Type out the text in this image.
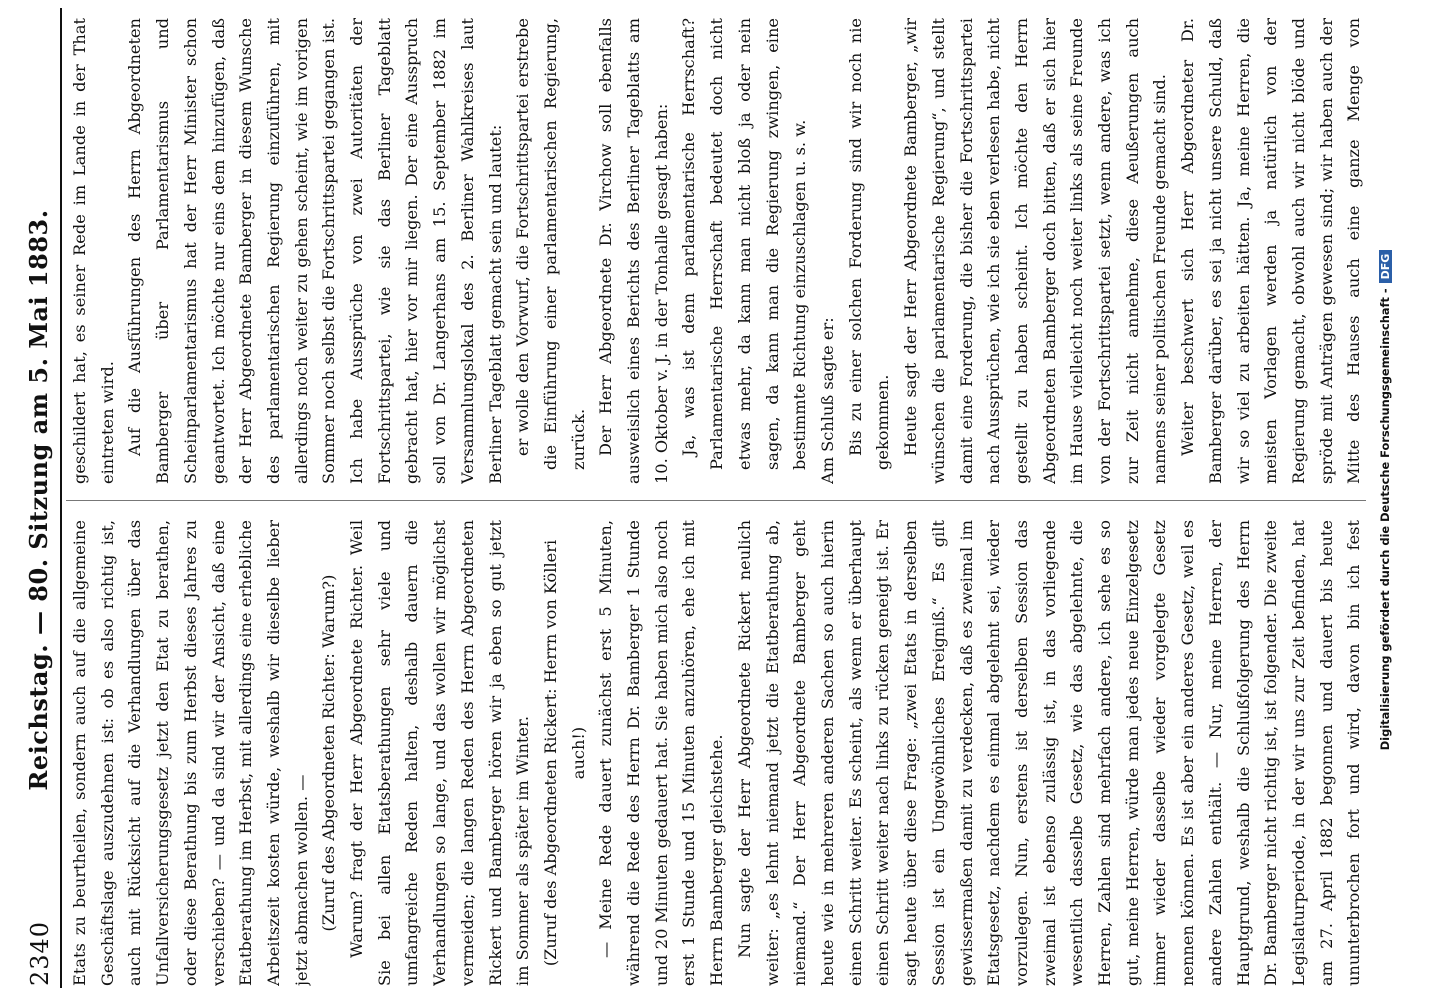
2340
Reichstag. — 80. Sitzung am 5. Mai 1883. Etats zu beurtheilen, sondern auch auf die allgemeine Geschäftslage auszudehnen ist: ob es also richtig ist, auch mit Rücksicht auf die Verhandlungen über das Unfallversicherungsgesetz jetzt den Etat zu berathen, oder diese Berathung bis zum Herbst dieses Jahres zu verschieben? — und da sind wir der Ansicht, daß eine Etatberathung im Herbst, mit allerdings eine erhebliche Arbeitszeit kosten würde, weshalb wir dieselbe lieber jetzt abmachen wollen. — (Zuruf des Abgeordneten Richter: Warum?) Warum? fragt der Herr Abgeordnete Richter. Weil Sie bei allen Etatsberathungen sehr viele und umfangreiche Reden halten, deshalb dauern die Verhandlungen so lange, und das wollen wir möglichst vermeiden; die langen Reden des Herrn Abgeordneten Rickert und Bamberger hören wir ja eben so gut jetzt im Sommer als später im Winter. (Zuruf des Abgeordneten Rickert: Herrn von Kölleri auch!) — Meine Rede dauert zunächst erst 5 Minuten, während die Rede des Herrn Dr. Bamberger 1 Stunde und 20 Minuten gedauert hat. Sie haben mich also noch erst 1 Stunde und 15 Minuten anzuhören, ehe ich mit Herrn Bamberger gleichstehe. Nun sagte der Herr Abgeordnete Rickert neulich weiter: „es lehnt niemand jetzt die Etatberathung ab, niemand.“ Der Herr Abgeordnete Bamberger geht heute wie in mehreren anderen Sachen so auch hierin einen Schritt weiter. Es scheint, als wenn er überhaupt einen Schritt weiter nach links zu rücken geneigt ist. Er sagt heute über diese Frage: „zwei Etats in derselben Session ist ein Ungewöhnliches Ereigniß.“ Es gilt gewissermaßen damit zu verdecken, daß es zweimal im Etatsgesetz, nachdem es einmal abgelehnt sei, wieder vorzulegen. Nun, erstens ist derselben Session das zweimal ist ebenso zulässig ist, in das vorliegende wesentlich dasselbe Gesetz, wie das abgelehnte, die Herren, Zahlen sind mehrfach andere, ich sehe es so gut, meine Herren, würde man jedes neue Einzelgesetz immer wieder dasselbe wieder vorgelegte Gesetz nennen können. Es ist aber ein anderes Gesetz, weil es andere Zahlen enthält. — Nur, meine Herren, der Hauptgrund, weshalb die Schlußfolgerung des Herrn Dr. Bamberger nicht richtig ist, ist folgender. Die zweite Legislaturperiode, in der wir uns zur Zeit befinden, hat am 27. April 1882 begonnen und dauert bis heute ununterbrochen fort und wird, davon bin ich fest

geschildert hat, es seiner Rede im Lande in der That eintreten wird. Auf die Ausführungen des Herrn Abgeordneten Bamberger über Parlamentarismus und Scheinparlamentarismus hat der Herr Minister schon geantwortet. Ich möchte nur eins dem hinzufügen, daß der Herr Abgeordnete Bamberger in diesem Wunsche des parlamentarischen Regierung einzuführen, mit allerdings noch weiter zu gehen scheint, wie im vorigen Sommer noch selbst die Fortschrittspartei gegangen ist. Ich habe Aussprüche von zwei Autoritäten der Fortschrittspartei, wie sie das Berliner Tageblatt gebracht hat, hier vor mir liegen. Der eine Ausspruch soll von Dr. Langerhans am 15. September 1882 im Versammlungslokal des 2. Berliner Wahlkreises laut Berliner Tageblatt gemacht sein und lautet: er wolle den Vorwurf, die Fortschrittspartei erstrebe die Einführung einer parlamentarischen Regierung, zurück. Der Herr Abgeordnete Dr. Virchow soll ebenfalls ausweislich eines Berichts des Berliner Tageblatts am 10. Oktober v. J. in der Tonhalle gesagt haben: Ja, was ist denn parlamentarische Herrschaft? Parlamentarische Herrschaft bedeutet doch nicht etwas mehr, da kann man nicht bloß ja oder nein sagen, da kann man die Regierung zwingen, eine bestimmte Richtung einzuschlagen u. s. w. Am Schluß sagte er: Bis zu einer solchen Forderung sind wir noch nie gekommen. Heute sagt der Herr Abgeordnete Bamberger, „wir wünschen die parlamentarische Regierung“, und stellt damit eine Forderung, die bisher die Fortschrittspartei nach Aussprüchen, wie ich sie eben verlesen habe, nicht gestellt zu haben scheint. Ich möchte den Herrn Abgeordneten Bamberger doch bitten, daß er sich hier im Hause vielleicht noch weiter links als seine Freunde von der Fortschrittspartei setzt, wenn andere, was ich zur Zeit nicht annehme, diese Aeußerungen auch namens seiner politischen Freunde gemacht sind. Weiter beschwert sich Herr Abgeordneter Dr. Bamberger darüber, es sei ja nicht unsere Schuld, daß wir so viel zu arbeiten hätten. Ja, meine Herren, die meisten Vorlagen werden ja natürlich von der Regierung gemacht, obwohl auch wir nicht blöde und spröde mit Anträgen gewesen sind; wir haben auch der Mitte des Hauses auch eine ganze Menge von

Digitalisierung gefördert durch die Deutsche Forschungsgemeinschaft -DFG
